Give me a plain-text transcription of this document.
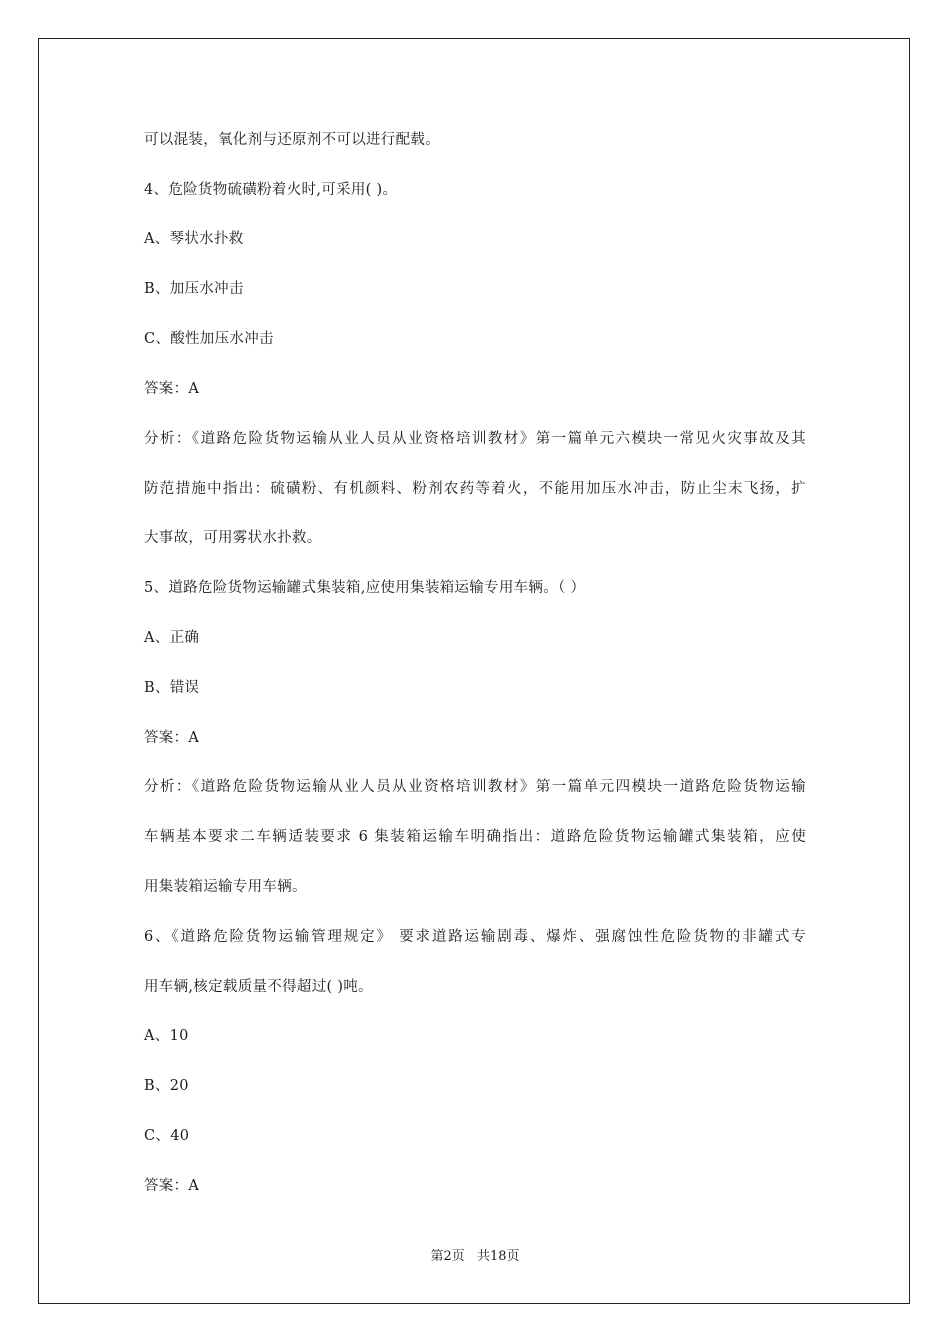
可以混装，氧化剂与还原剂不可以进行配载。
4、危险货物硫磺粉着火时,可采用( )。
A、琴状水扑救
B、加压水冲击
C、酸性加压水冲击
答案：A
分析：《道路危险货物运输从业人员从业资格培训教材》第一篇单元六模块一常见火灾事故及其
防范措施中指出：硫磺粉、有机颜料、粉剂农药等着火，不能用加压水冲击，防止尘末飞扬，扩
大事故，可用雾状水扑救。
5、道路危险货物运输罐式集装箱,应使用集装箱运输专用车辆。（ ）
A、正确
B、错误
答案：A
分析：《道路危险货物运输从业人员从业资格培训教材》第一篇单元四模块一道路危险货物运输
车辆基本要求二车辆适装要求 6 集装箱运输车明确指出：道路危险货物运输罐式集装箱，应使
用集装箱运输专用车辆。
6、《道路危险货物运输管理规定》 要求道路运输剧毒、爆炸、强腐蚀性危险货物的非罐式专
用车辆,核定载质量不得超过( )吨。
A、10
B、20
C、40
答案：A
第2页 共18页
